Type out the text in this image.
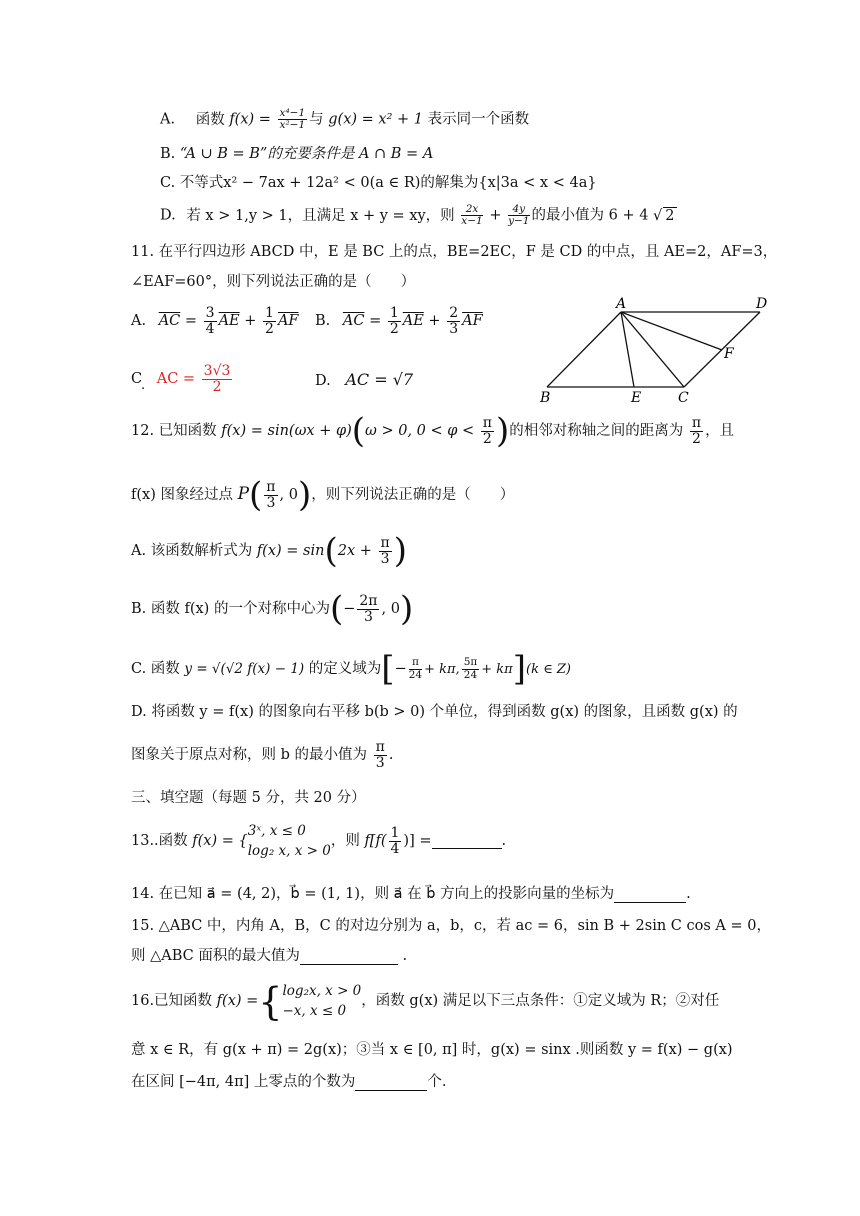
A. 函数 $f(x) = \frac{\text{x⁴−1}}{\text{x²−1}}$ 与 g(x) = x² + 1 表示同一个函数
B. “A ∪ B = B”的充要条件是 A ∩ B = A
C. 不等式x² − 7ax + 12a² < 0(a ∈ R)的解集为{x|3a < x < 4a}
D. 若 x > 1,y > 1，且满足 x + y = xy，则 $\frac{2x}{x-1} + \frac{4y}{y-1}$ 的最小值为 6 + 4 √ 2
11. 在平行四边形 ABCD 中，E 是 BC 上的点，BE=2EC，F 是 CD 的中点，且 AE=2，AF=3，
∠EAF=60°，则下列说法正确的是（　　）
A. $\overline{AC} = \frac{3}{4} \overline{AE} + \frac{1}{2} \overline{AF}$ B. $\overline{AC} = \frac{1}{2} \overline{AE} + \frac{2}{3} \overline{AF}$
C AC = $\frac{3√3}{2}$
.	D. AC = √7
A	D
B	E	C
F
12. 已知函数 f(x) = sin(ωx + φ)(ω > 0, $0 < \varphi < \frac{\pi}{2}$ )的相邻对称轴之间的距离为 $\frac{\pi}{2}$ ，且
f(x) 图象经过点 $P( \frac{\pi}{3}$ , 0)，则下列说法正确的是（　　）
A. 该函数解析式为 $f(x) = \sin(2x + \frac{\pi}{3}$ )
B. 函数 f(x) 的一个对称中心为(− $\frac{2\pi}{3}$ , 0)
C. 函数 y = √(√2 f(x) − 1) 的定义域为[− $\frac{\pi}{24} + k\pi$, $\frac{5\pi}{24} + k\pi](k$ ∈ Z)
D. 将函数 y = f(x) 的图象向右平移 b(b > 0) 个单位，得到函数 g(x) 的图象，且函数 g(x) 的
图象关于原点对称，则 b 的最小值为 $\frac{\pi}{3}$ .
三、填空题（每题 5 分，共 20 分）
13..函数 f(x) = {
3ˣ, x ≤ 0
log₂ x, x > 0
，则 $f[f( \frac{1}{4}$ )] =	.
14. 在已知 a⃗ = (4, 2)，b⃗ = (1, 1)，则 a⃗ 在 b⃗ 方向上的投影向量的坐标为	.
15. △ABC 中，内角 A，B，C 的对边分别为 a，b，c，若 ac = 6，sin B + 2sin C cos A = 0，
则 △ABC 面积的最大值为	.
16.已知函数 f(x) ={ log₂x, x > 0
−x, x ≤ 0
，函数 g(x) 满足以下三点条件：①定义域为 R；②对任
意 x ∈ R，有 g(x + π) = 2g(x)；③当 x ∈ [0, π] 时，g(x) = sinx .则函数 y = f(x) − g(x)
在区间 [−4π, 4π] 上零点的个数为	个.
